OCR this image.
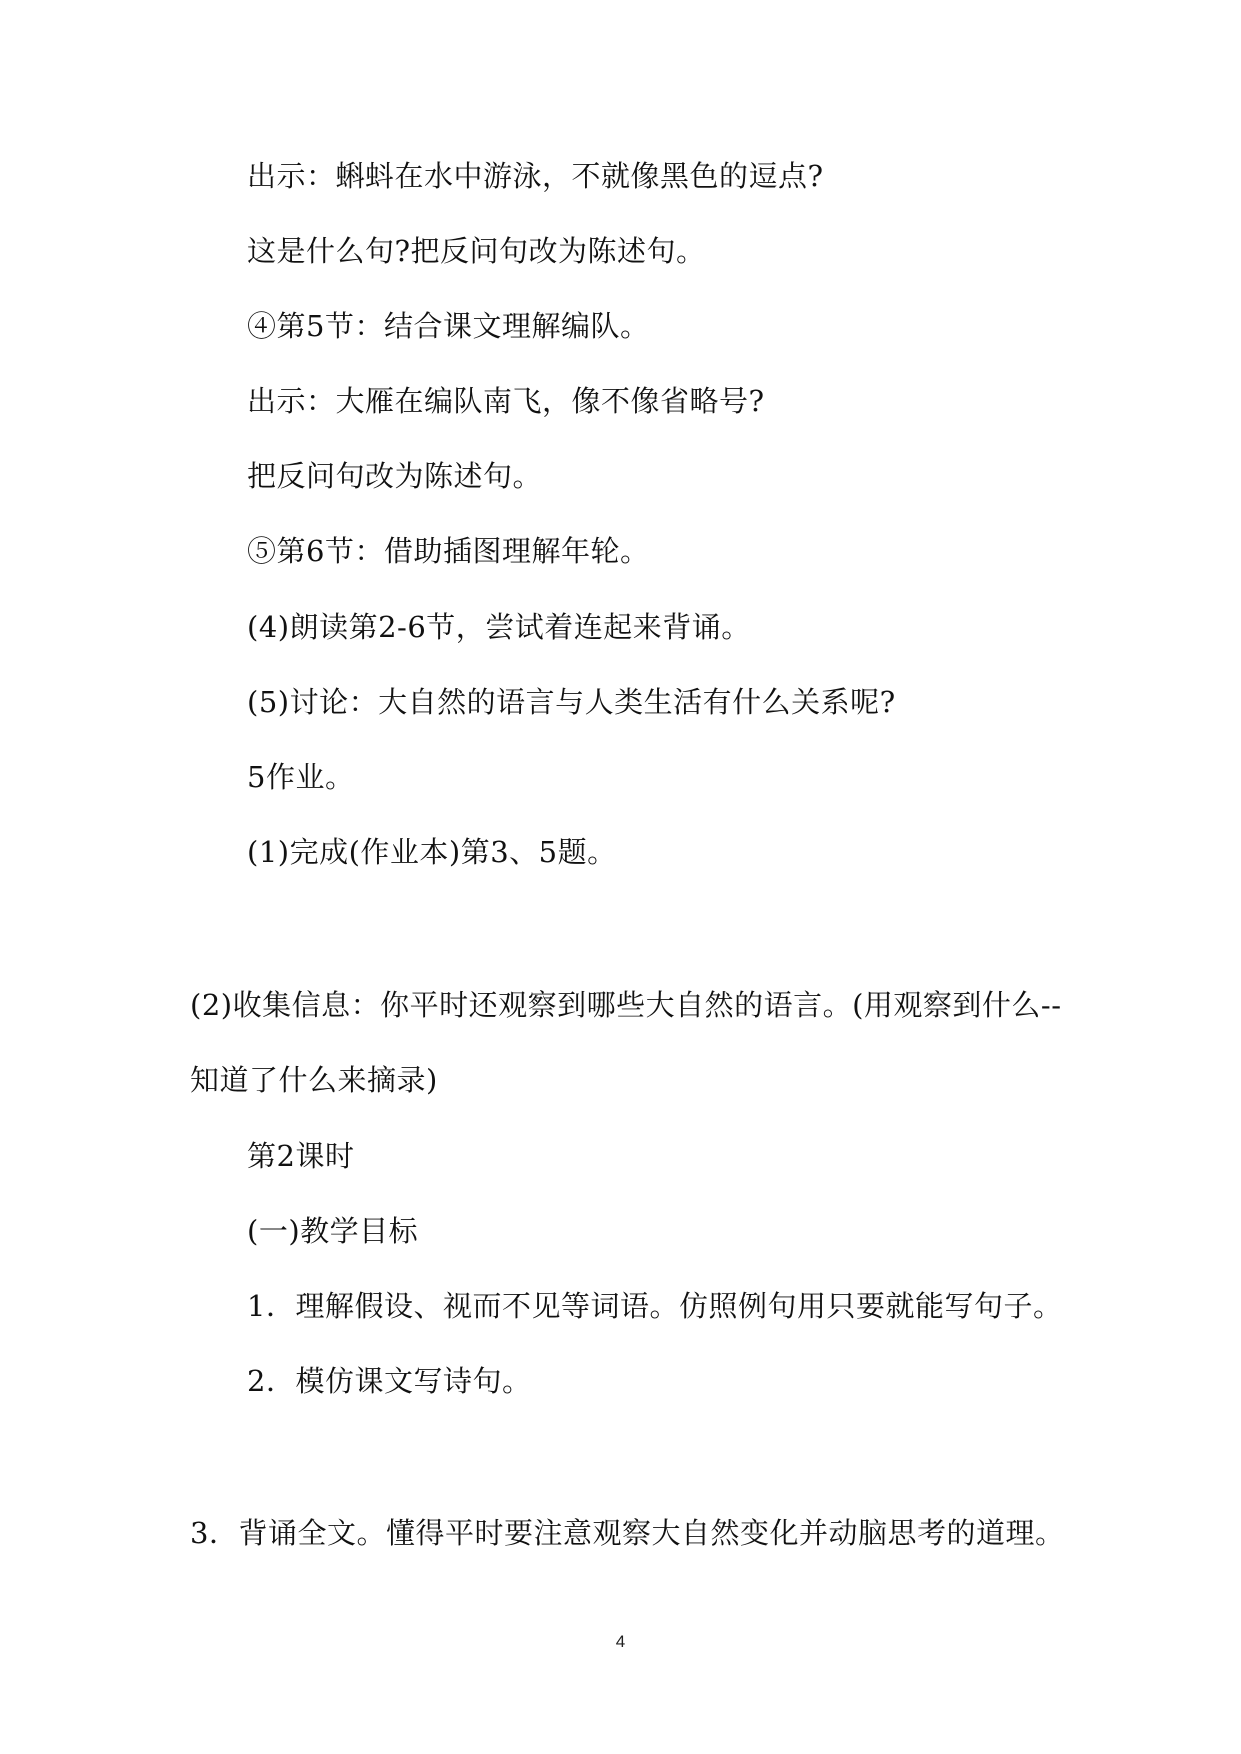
出示：蝌蚪在水中游泳，不就像黑色的逗点?
这是什么句?把反问句改为陈述句。
④第5节：结合课文理解编队。
出示：大雁在编队南飞，像不像省略号?
把反问句改为陈述句。
⑤第6节：借助插图理解年轮。
(4)朗读第2-6节，尝试着连起来背诵。
(5)讨论：大自然的语言与人类生活有什么关系呢?
5作业。
(1)完成(作业本)第3、5题。
(2)收集信息：你平时还观察到哪些大自然的语言。(用观察到什么--
知道了什么来摘录)
第2课时
(一)教学目标
1．理解假设、视而不见等词语。仿照例句用只要就能写句子。
2．模仿课文写诗句。
3．背诵全文。懂得平时要注意观察大自然变化并动脑思考的道理。
4
